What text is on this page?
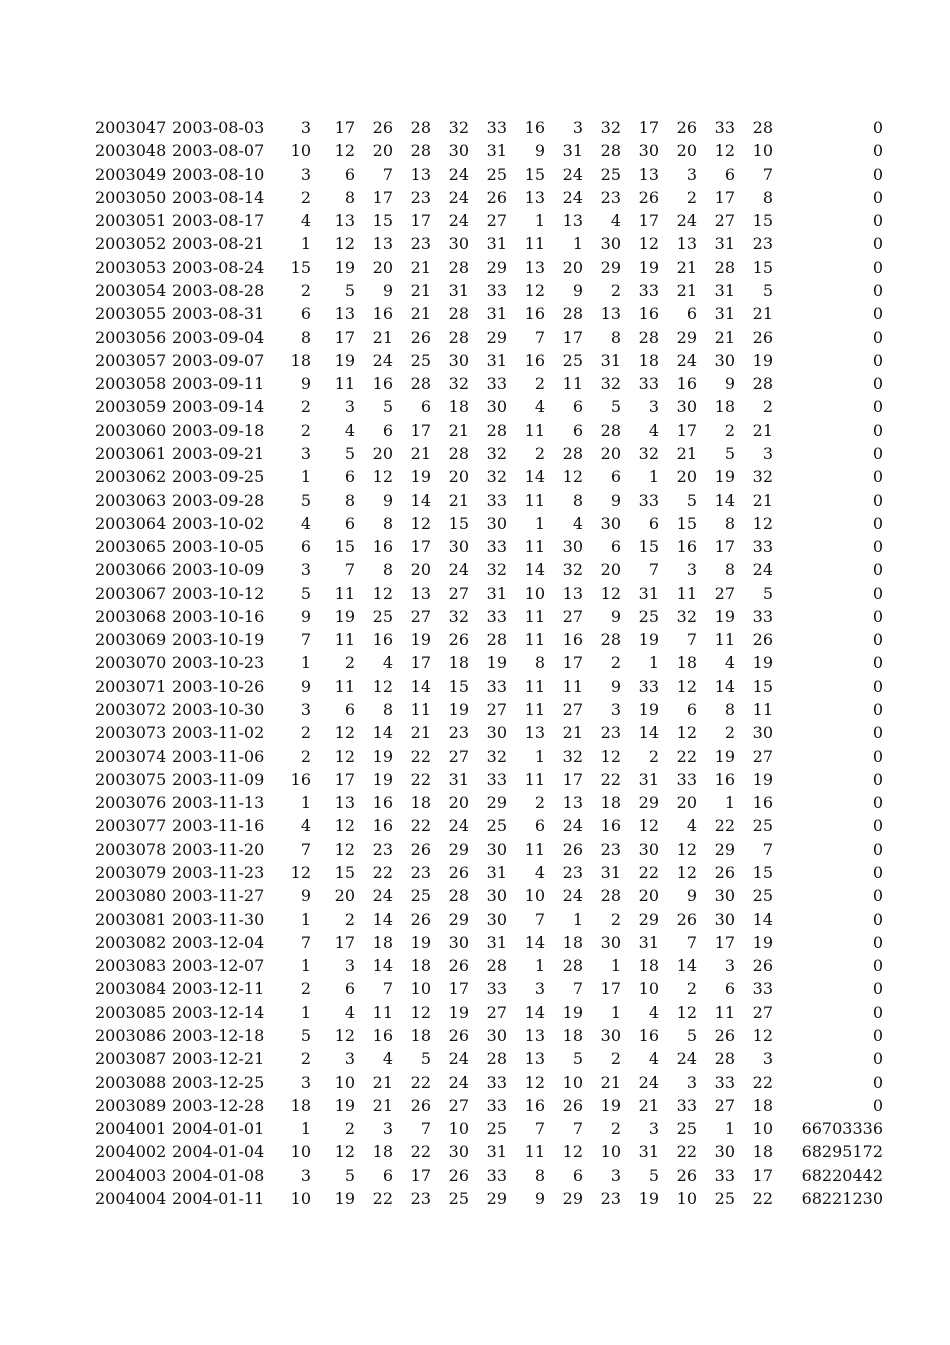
2003047	2003-08-03	3	17	26	28	32	33	16	3	32	17	26	33	28	0
2003048	2003-08-07	10	12	20	28	30	31	9	31	28	30	20	12	10	0
2003049	2003-08-10	3	6	7	13	24	25	15	24	25	13	3	6	7	0
2003050	2003-08-14	2	8	17	23	24	26	13	24	23	26	2	17	8	0
2003051	2003-08-17	4	13	15	17	24	27	1	13	4	17	24	27	15	0
2003052	2003-08-21	1	12	13	23	30	31	11	1	30	12	13	31	23	0
2003053	2003-08-24	15	19	20	21	28	29	13	20	29	19	21	28	15	0
2003054	2003-08-28	2	5	9	21	31	33	12	9	2	33	21	31	5	0
2003055	2003-08-31	6	13	16	21	28	31	16	28	13	16	6	31	21	0
2003056	2003-09-04	8	17	21	26	28	29	7	17	8	28	29	21	26	0
2003057	2003-09-07	18	19	24	25	30	31	16	25	31	18	24	30	19	0
2003058	2003-09-11	9	11	16	28	32	33	2	11	32	33	16	9	28	0
2003059	2003-09-14	2	3	5	6	18	30	4	6	5	3	30	18	2	0
2003060	2003-09-18	2	4	6	17	21	28	11	6	28	4	17	2	21	0
2003061	2003-09-21	3	5	20	21	28	32	2	28	20	32	21	5	3	0
2003062	2003-09-25	1	6	12	19	20	32	14	12	6	1	20	19	32	0
2003063	2003-09-28	5	8	9	14	21	33	11	8	9	33	5	14	21	0
2003064	2003-10-02	4	6	8	12	15	30	1	4	30	6	15	8	12	0
2003065	2003-10-05	6	15	16	17	30	33	11	30	6	15	16	17	33	0
2003066	2003-10-09	3	7	8	20	24	32	14	32	20	7	3	8	24	0
2003067	2003-10-12	5	11	12	13	27	31	10	13	12	31	11	27	5	0
2003068	2003-10-16	9	19	25	27	32	33	11	27	9	25	32	19	33	0
2003069	2003-10-19	7	11	16	19	26	28	11	16	28	19	7	11	26	0
2003070	2003-10-23	1	2	4	17	18	19	8	17	2	1	18	4	19	0
2003071	2003-10-26	9	11	12	14	15	33	11	11	9	33	12	14	15	0
2003072	2003-10-30	3	6	8	11	19	27	11	27	3	19	6	8	11	0
2003073	2003-11-02	2	12	14	21	23	30	13	21	23	14	12	2	30	0
2003074	2003-11-06	2	12	19	22	27	32	1	32	12	2	22	19	27	0
2003075	2003-11-09	16	17	19	22	31	33	11	17	22	31	33	16	19	0
2003076	2003-11-13	1	13	16	18	20	29	2	13	18	29	20	1	16	0
2003077	2003-11-16	4	12	16	22	24	25	6	24	16	12	4	22	25	0
2003078	2003-11-20	7	12	23	26	29	30	11	26	23	30	12	29	7	0
2003079	2003-11-23	12	15	22	23	26	31	4	23	31	22	12	26	15	0
2003080	2003-11-27	9	20	24	25	28	30	10	24	28	20	9	30	25	0
2003081	2003-11-30	1	2	14	26	29	30	7	1	2	29	26	30	14	0
2003082	2003-12-04	7	17	18	19	30	31	14	18	30	31	7	17	19	0
2003083	2003-12-07	1	3	14	18	26	28	1	28	1	18	14	3	26	0
2003084	2003-12-11	2	6	7	10	17	33	3	7	17	10	2	6	33	0
2003085	2003-12-14	1	4	11	12	19	27	14	19	1	4	12	11	27	0
2003086	2003-12-18	5	12	16	18	26	30	13	18	30	16	5	26	12	0
2003087	2003-12-21	2	3	4	5	24	28	13	5	2	4	24	28	3	0
2003088	2003-12-25	3	10	21	22	24	33	12	10	21	24	3	33	22	0
2003089	2003-12-28	18	19	21	26	27	33	16	26	19	21	33	27	18	0
2004001	2004-01-01	1	2	3	7	10	25	7	7	2	3	25	1	10	66703336
2004002	2004-01-04	10	12	18	22	30	31	11	12	10	31	22	30	18	68295172
2004003	2004-01-08	3	5	6	17	26	33	8	6	3	5	26	33	17	68220442
2004004	2004-01-11	10	19	22	23	25	29	9	29	23	19	10	25	22	68221230
